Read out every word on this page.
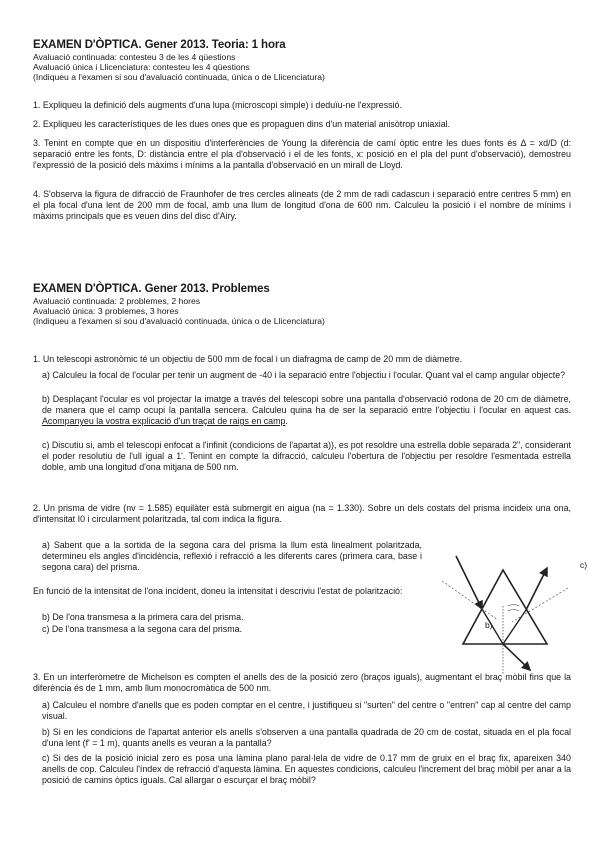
EXAMEN D'ÒPTICA. Gener 2013. Teoria: 1 hora
Avaluació continuada: contesteu 3 de les 4 qüestions
Avaluació única i Llicenciatura: contesteu les 4 qüestions
(Indiqueu a l'examen si sou d'avaluació continuada, única o de Llicenciatura)
1. Expliqueu la definició dels augments d'una lupa (microscopi simple) i deduïu-ne l'expressió.
2. Expliqueu les característiques de les dues ones que es propaguen dins d'un material anisòtrop uniaxial.
3. Tenint en compte que en un dispositiu d'interferències de Young la diferència de camí òptic entre les dues fonts és Δ = xd/D (d: separació entre les fonts, D: distància entre el pla d'observació i el de les fonts, x: posició en el pla del punt d'observació), demostreu l'expressió de la posició dels màxims i mínims a la pantalla d'observació en un mirall de Lloyd.
4. S'observa la figura de difracció de Fraunhofer de tres cercles alineats (de 2 mm de radi cadascun i separació entre centres 5 mm) en el pla focal d'una lent de 200 mm de focal, amb una llum de longitud d'ona de 600 nm. Calculeu la posició i el nombre de mínims i màxims principals que es veuen dins del disc d'Airy.
EXAMEN D'ÒPTICA. Gener 2013. Problemes
Avaluació continuada: 2 problemes, 2 hores
Avaluació única: 3 problemes, 3 hores
(Indiqueu a l'examen si sou d'avaluació continuada, única o de Llicenciatura)
1. Un telescopi astronòmic té un objectiu de 500 mm de focal i un diafragma de camp de 20 mm de diàmetre.
a) Calculeu la focal de l'ocular per tenir un augment de -40 i la separació entre l'objectiu i l'ocular. Quant val el camp angular objecte?
b) Desplaçant l'ocular es vol projectar la imatge a través del telescopi sobre una pantalla d'observació rodona de 20 cm de diàmetre, de manera que el camp ocupi la pantalla sencera. Calculeu quina ha de ser la separació entre l'objectiu i l'ocular en aquest cas. Acompanyeu la vostra explicació d'un traçat de raigs en camp.
c) Discutiu si, amb el telescopi enfocat a l'infinit (condicions de l'apartat a)), es pot resoldre una estrella doble separada 2", considerant el poder resolutiu de l'ull igual a 1'. Tenint en compte la difracció, calculeu l'obertura de l'objectiu per resoldre l'esmentada estrella doble, amb una longitud d'ona mitjana de 500 nm.
2. Un prisma de vidre (nv = 1.585) equilàter està submergit en aigua (na = 1.330). Sobre un dels costats del prisma incideix una ona, d'intensitat I0 i circularment polaritzada, tal com indica la figura.
a) Sabent que a la sortida de la segona cara del prisma la llum està linealment polaritzada, determineu els angles d'incidència, reflexió i refracció a les diferents cares (primera cara, base i segona cara) del prisma.
En funció de la intensitat de l'ona incident, doneu la intensitat i descriviu l'estat de polarització:
b) De l'ona transmesa a la primera cara del prisma.
c) De l'ona transmesa a la segona cara del prisma.	b)
c)
3. En un interferòmetre de Michelson es compten el anells des de la posició zero (braços iguals), augmentant el braç mòbil fins que la diferència és de 1 mm, amb llum monocromàtica de 500 nm.
a) Calculeu el nombre d'anells que es poden comptar en el centre, i justifiqueu si "surten" del centre o "entren" cap al centre del camp visual.
b) Si en les condicions de l'apartat anterior els anells s'observen a una pantalla quadrada de 20 cm de costat, situada en el pla focal d'una lent (f' = 1 m), quants anells es veuran a la pantalla?
c) Si des de la posició inicial zero es posa una làmina plano paral·lela de vidre de 0.17 mm de gruix en el braç fix, apareixen 340 anells de cop. Calculeu l'índex de refracció d'aquesta làmina. En aquestes condicions, calculeu l'increment del braç mòbil per anar a la posició de camins òptics iguals. Cal allargar o escurçar el braç mòbil?
